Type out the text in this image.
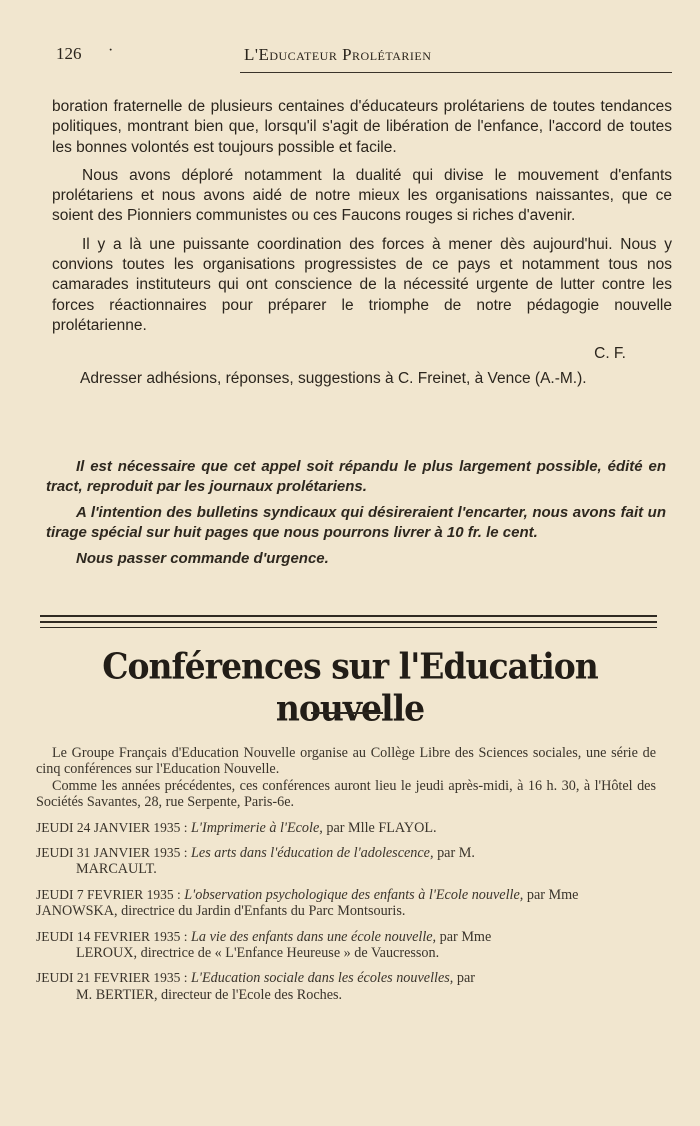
126 ·	L'Educateur Prolétarien

boration fraternelle de plusieurs centaines d'éducateurs prolétariens de toutes tendances politiques, montrant bien que, lorsqu'il s'agit de libération de l'enfance, l'accord de toutes les bonnes volontés est toujours possible et facile.

Nous avons déploré notamment la dualité qui divise le mouvement d'enfants prolétariens et nous avons aidé de notre mieux les organisations naissantes, que ce soient des Pionniers communistes ou ces Faucons rouges si riches d'avenir.

Il y a là une puissante coordination des forces à mener dès aujourd'hui. Nous y convions toutes les organisations progressistes de ce pays et notamment tous nos camarades instituteurs qui ont conscience de la nécessité urgente de lutter contre les forces réactionnaires pour préparer le triomphe de notre pédagogie nouvelle prolétarienne.

C. F.

Adresser adhésions, réponses, suggestions à C. Freinet, à Vence (A.-M.).

Il est nécessaire que cet appel soit répandu le plus largement possible, édité en tract, reproduit par les journaux prolétariens.

A l'intention des bulletins syndicaux qui désireraient l'encarter, nous avons fait un tirage spécial sur huit pages que nous pourrons livrer à 10 fr. le cent.

Nous passer commande d'urgence.

Conférences sur l'Education nouvelle

Le Groupe Français d'Education Nouvelle organise au Collège Libre des Sciences sociales, une série de cinq conférences sur l'Education Nouvelle.

Comme les années précédentes, ces conférences auront lieu le jeudi après-midi, à 16 h. 30, à l'Hôtel des Sociétés Savantes, 28, rue Serpente, Paris-6e.

JEUDI 24 JANVIER 1935 : L'Imprimerie à l'Ecole, par Mlle FLAYOL.
JEUDI 31 JANVIER 1935 : Les arts dans l'éducation de l'adolescence, par M.
MARCAULT.
JEUDI 7 FEVRIER 1935 : L'observation psychologique des enfants à l'Ecole nouvelle, par Mme JANOWSKA, directrice du Jardin d'Enfants du Parc Montsouris.
JEUDI 14 FEVRIER 1935 : La vie des enfants dans une école nouvelle, par Mme
LEROUX, directrice de « L'Enfance Heureuse » de Vaucresson.
JEUDI 21 FEVRIER 1935 : L'Education sociale dans les écoles nouvelles, par
M. BERTIER, directeur de l'Ecole des Roches.
